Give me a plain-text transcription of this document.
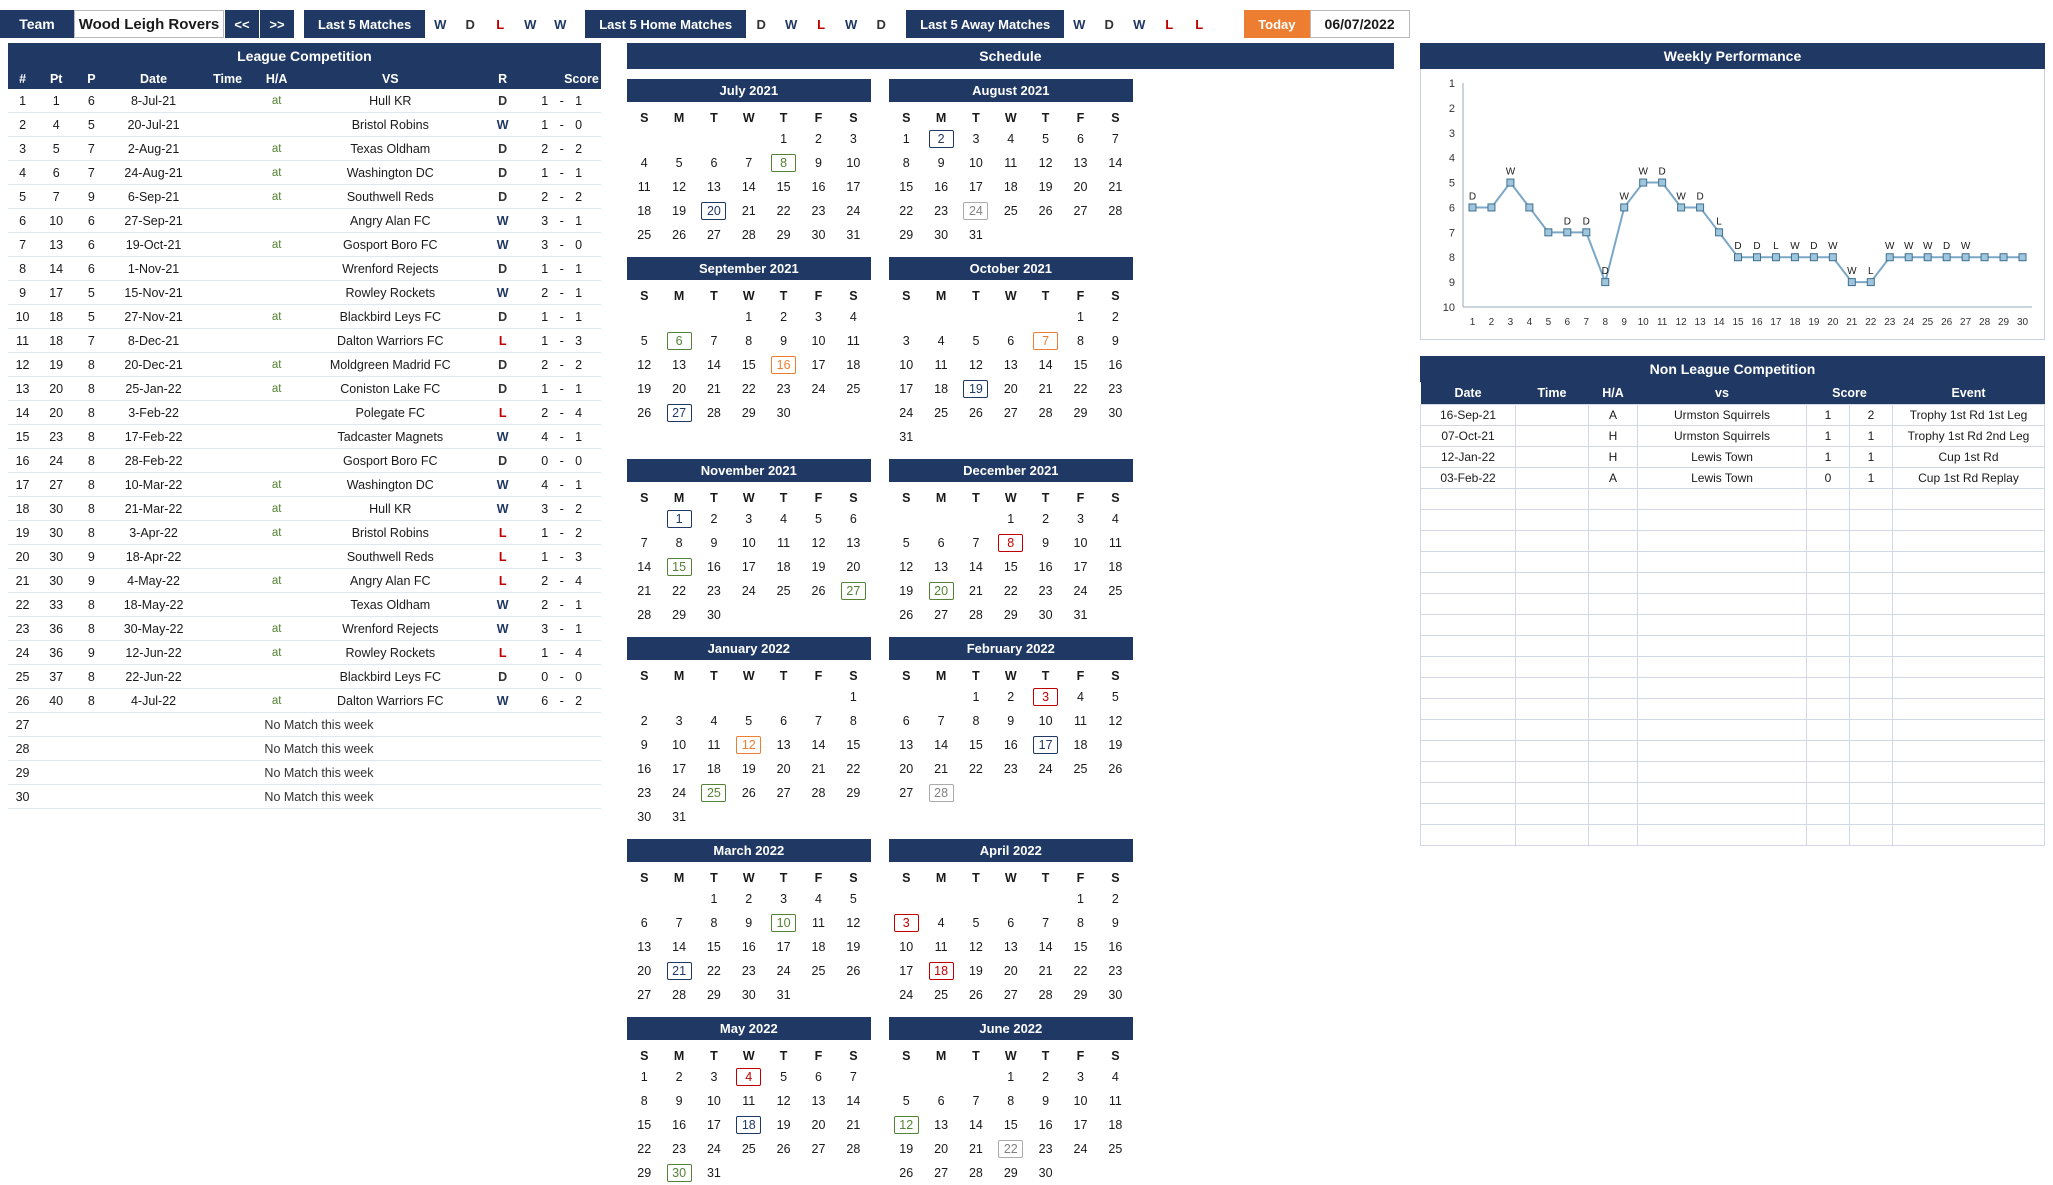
Team	Wood Leigh Rovers	<<	>>	Last 5 Matches	W	D	L	W	W	Last 5 Home Matches	D	W	L	W	D	Last 5 Away Matches	W	D	W	L	L	Today	06/07/2022
League Competition
#	Pt	P	Date	Time	H/A	VS	R	Score		
1	1	6	8-Jul-21		at	Hull KR	D	1	-	1
2	4	5	20-Jul-21			Bristol Robins	W	1	-	0
3	5	7	2-Aug-21		at	Texas Oldham	D	2	-	2
4	6	7	24-Aug-21		at	Washington DC	D	1	-	1
5	7	9	6-Sep-21		at	Southwell Reds	D	2	-	2
6	10	6	27-Sep-21			Angry Alan FC	W	3	-	1
7	13	6	19-Oct-21		at	Gosport Boro FC	W	3	-	0
8	14	6	1-Nov-21			Wrenford Rejects	D	1	-	1
9	17	5	15-Nov-21			Rowley Rockets	W	2	-	1
10	18	5	27-Nov-21		at	Blackbird Leys FC	D	1	-	1
11	18	7	8-Dec-21			Dalton Warriors FC	L	1	-	3
12	19	8	20-Dec-21		at	Moldgreen Madrid FC	D	2	-	2
13	20	8	25-Jan-22		at	Coniston Lake FC	D	1	-	1
14	20	8	3-Feb-22			Polegate FC	L	2	-	4
15	23	8	17-Feb-22			Tadcaster Magnets	W	4	-	1
16	24	8	28-Feb-22			Gosport Boro FC	D	0	-	0
17	27	8	10-Mar-22		at	Washington DC	W	4	-	1
18	30	8	21-Mar-22		at	Hull KR	W	3	-	2
19	30	8	3-Apr-22		at	Bristol Robins	L	1	-	2
20	30	9	18-Apr-22			Southwell Reds	L	1	-	3
21	30	9	4-May-22		at	Angry Alan FC	L	2	-	4
22	33	8	18-May-22			Texas Oldham	W	2	-	1
23	36	8	30-May-22		at	Wrenford Rejects	W	3	-	1
24	36	9	12-Jun-22		at	Rowley Rockets	L	1	-	4
25	37	8	22-Jun-22			Blackbird Leys FC	D	0	-	0
26	40	8	4-Jul-22		at	Dalton Warriors FC	W	6	-	2
27	No Match this week									
28	No Match this week									
29	No Match this week									
30	No Match this week									
Schedule
July 2021
S	M	T	W	T	F	S
				1	2	3
4	5	6	7	8	9	10
11	12	13	14	15	16	17
18	19	20	21	22	23	24
25	26	27	28	29	30	31
August 2021
S	M	T	W	T	F	S
1	2	3	4	5	6	7
8	9	10	11	12	13	14
15	16	17	18	19	20	21
22	23	24	25	26	27	28
29	30	31				
September 2021
S	M	T	W	T	F	S
			1	2	3	4
5	6	7	8	9	10	11
12	13	14	15	16	17	18
19	20	21	22	23	24	25
26	27	28	29	30		
October 2021
S	M	T	W	T	F	S
					1	2
3	4	5	6	7	8	9
10	11	12	13	14	15	16
17	18	19	20	21	22	23
24	25	26	27	28	29	30
31						
November 2021
S	M	T	W	T	F	S
	1	2	3	4	5	6
7	8	9	10	11	12	13
14	15	16	17	18	19	20
21	22	23	24	25	26	27
28	29	30				
December 2021
S	M	T	W	T	F	S
			1	2	3	4
5	6	7	8	9	10	11
12	13	14	15	16	17	18
19	20	21	22	23	24	25
26	27	28	29	30	31	
January 2022
S	M	T	W	T	F	S
						1
2	3	4	5	6	7	8
9	10	11	12	13	14	15
16	17	18	19	20	21	22
23	24	25	26	27	28	29
30	31					
February 2022
S	M	T	W	T	F	S
		1	2	3	4	5
6	7	8	9	10	11	12
13	14	15	16	17	18	19
20	21	22	23	24	25	26
27	28					
March 2022
S	M	T	W	T	F	S
		1	2	3	4	5
6	7	8	9	10	11	12
13	14	15	16	17	18	19
20	21	22	23	24	25	26
27	28	29	30	31		
April 2022
S	M	T	W	T	F	S
					1	2
3	4	5	6	7	8	9
10	11	12	13	14	15	16
17	18	19	20	21	22	23
24	25	26	27	28	29	30
May 2022
S	M	T	W	T	F	S
1	2	3	4	5	6	7
8	9	10	11	12	13	14
15	16	17	18	19	20	21
22	23	24	25	26	27	28
29	30	31				
June 2022
S	M	T	W	T	F	S
			1	2	3	4
5	6	7	8	9	10	11
12	13	14	15	16	17	18
19	20	21	22	23	24	25
26	27	28	29	30		
Weekly Performance
1
2
3
4
5
6
7
8
9
10
1 2 3 4 5 6 7 8 9 10 11 12 13 14 15 16 17 18 19 20 21 22 23 24 25 26 27 28 29 30
D
W
D D
D
W
W D
W D
L
D D L W D W
W L
W W W D W
Non League Competition
Date	Time	H/A	vs	Score		Event
16-Sep-21		A	Urmston Squirrels	1	2	Trophy 1st Rd 1st Leg
07-Oct-21		H	Urmston Squirrels	1	1	Trophy 1st Rd 2nd Leg
12-Jan-22		H	Lewis Town	1	1	Cup 1st Rd
03-Feb-22		A	Lewis Town	0	1	Cup 1st Rd Replay
